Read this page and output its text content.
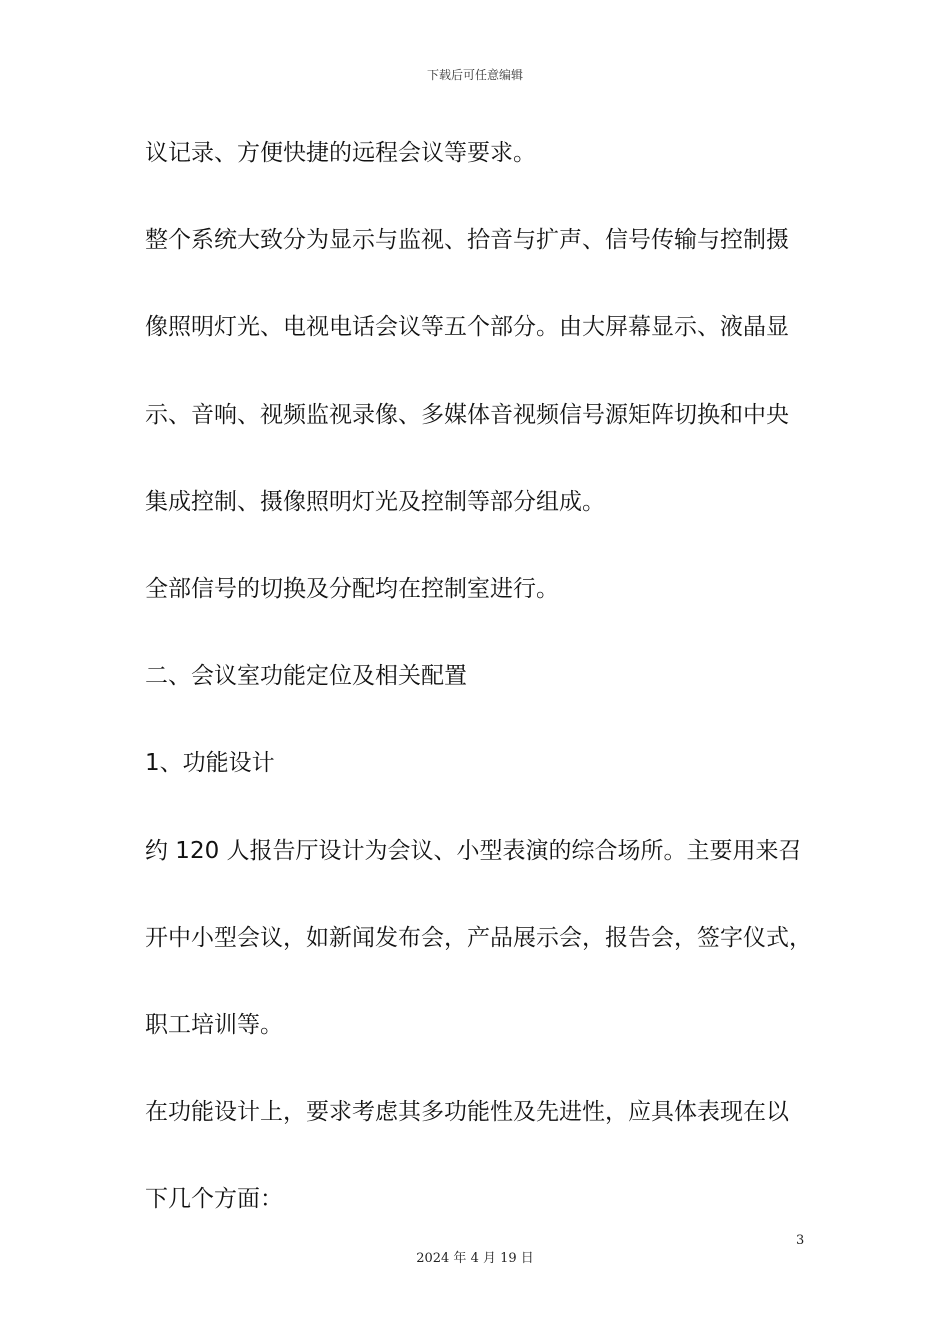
下载后可任意编辑
议记录、方便快捷的远程会议等要求。
整个系统大致分为显示与监视、拾音与扩声、信号传输与控制摄
像照明灯光、电视电话会议等五个部分。由大屏幕显示、液晶显
示、音响、视频监视录像、多媒体音视频信号源矩阵切换和中央
集成控制、摄像照明灯光及控制等部分组成。
全部信号的切换及分配均在控制室进行。
二、会议室功能定位及相关配置
1、功能设计
约 120 人报告厅设计为会议、小型表演的综合场所。主要用来召
开中小型会议，如新闻发布会，产品展示会，报告会，签字仪式，
职工培训等。
在功能设计上，要求考虑其多功能性及先进性，应具体表现在以
下几个方面：
3
2024 年 4 月 19 日
